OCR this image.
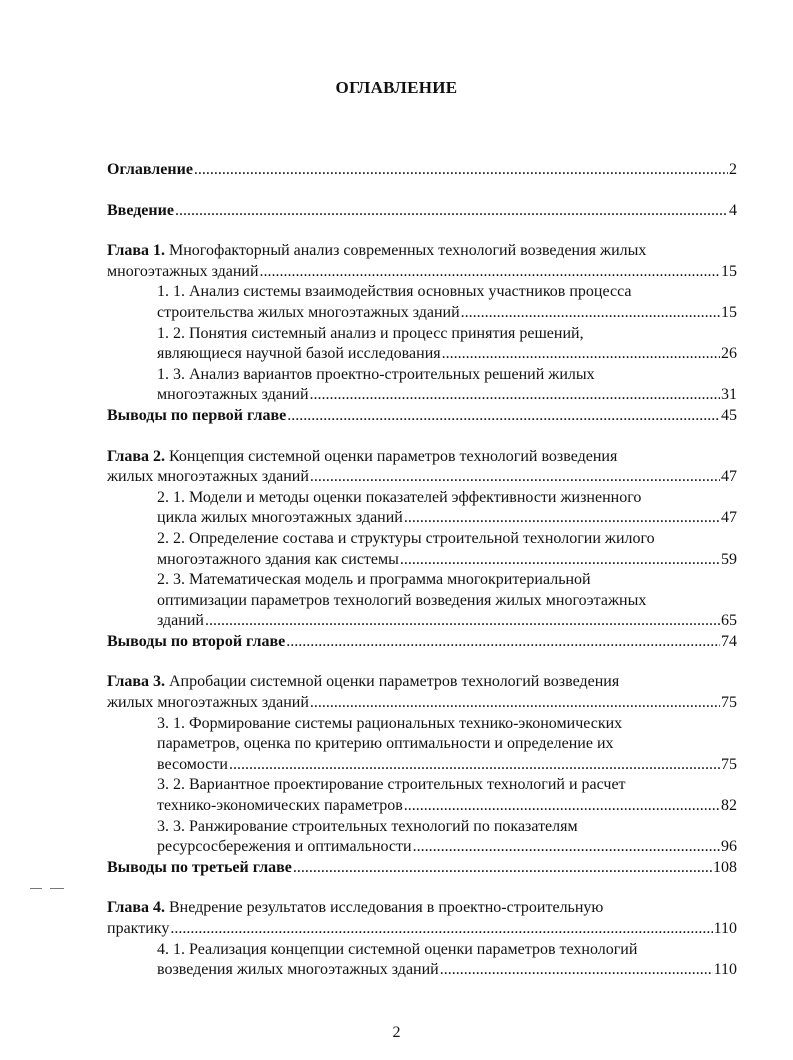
ОГЛАВЛЕНИЕ
Оглавление .....	2
Введение .....	4
Глава 1. Многофакторный анализ современных технологий возведения жилых
многоэтажных зданий .....	15
1. 1. Анализ системы взаимодействия основных участников процесса
строительства жилых многоэтажных зданий .....	15
1. 2. Понятия системный анализ и процесс принятия решений,
являющиеся научной базой исследования .....	26
1. 3. Анализ вариантов проектно-строительных решений жилых
многоэтажных зданий .....	31
Выводы по первой главе .....	45
Глава 2. Концепция системной оценки параметров технологий возведения
жилых многоэтажных зданий .....	47
2. 1. Модели и методы оценки показателей эффективности жизненного
цикла жилых многоэтажных зданий .....	47
2. 2. Определение состава и структуры строительной технологии жилого
многоэтажного здания как системы .....	59
2. 3. Математическая модель и программа многокритериальной
оптимизации параметров технологий возведения жилых многоэтажных
зданий .....	65
Выводы по второй главе .....	74
Глава 3. Апробации системной оценки параметров технологий возведения
жилых многоэтажных зданий .....	75
3. 1. Формирование системы рациональных технико-экономических
параметров, оценка по критерию оптимальности и определение их
весомости .....	75
3. 2. Вариантное проектирование строительных технологий и расчет
технико-экономических параметров .....	82
3. 3. Ранжирование строительных технологий по показателям
ресурсосбережения и оптимальности .....	96
Выводы по третьей главе .....	108
Глава 4. Внедрение результатов исследования в проектно-строительную
практику .....	110
4. 1. Реализация концепции системной оценки параметров технологий
возведения жилых многоэтажных зданий .....	110
2
